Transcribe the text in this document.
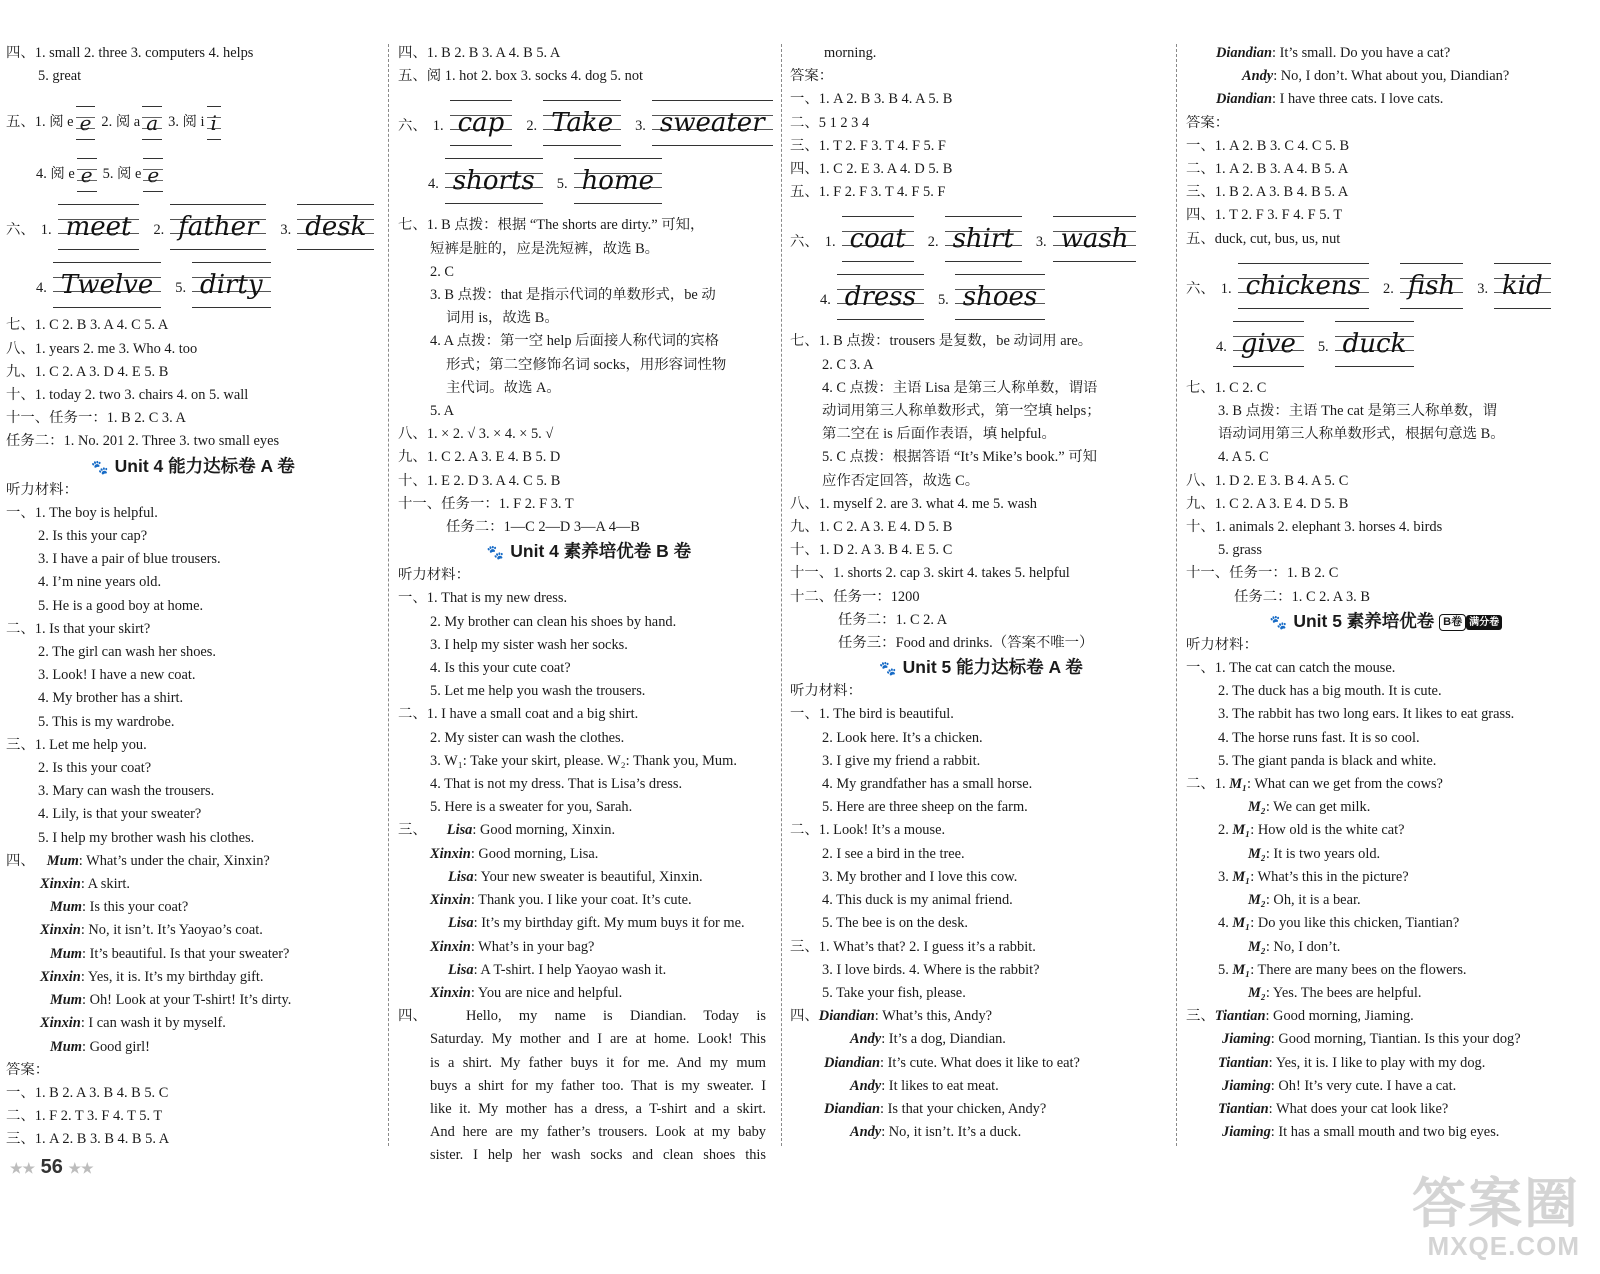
四、1. small 2. three 3. computers 4. helps
5. great
五、 1. 阅 e e 2. 阅 a a 3. 阅 i i
4. 阅 e e 5. 阅 e e
六、 1. meet	2. father	3. desk
4. Twelve	5. dirty
七、1. C 2. B 3. A 4. C 5. A
八、1. years 2. me 3. Who 4. too
九、1. C 2. A 3. D 4. E 5. B
十、1. today 2. two 3. chairs 4. on 5. wall
十一、任务一：1. B 2. C 3. A
任务二：1. No. 201 2. Three 3. two small eyes
🐾 Unit 4 能力达标卷 A 卷
听力材料：
一、1. The boy is helpful.
2. Is this your cap?
3. I have a pair of blue trousers.
4. I’m nine years old.
5. He is a good boy at home.
二、1. Is that your skirt?
2. The girl can wash her shoes.
3. Look! I have a new coat.
4. My brother has a shirt.
5. This is my wardrobe.
三、1. Let me help you.
2. Is this your coat?
3. Mary can wash the trousers.
4. Lily, is that your sweater?
5. I help my brother wash his clothes.
四、 Mum: What’s under the chair, Xinxin?
Xinxin: A skirt.
Mum: Is this your coat?
Xinxin: No, it isn’t. It’s Yaoyao’s coat.
Mum: It’s beautiful. Is that your sweater?
Xinxin: Yes, it is. It’s my birthday gift.
Mum: Oh! Look at your T-shirt! It’s dirty.
Xinxin: I can wash it by myself.
Mum: Good girl!
答案：
一、1. B 2. A 3. B 4. B 5. C
二、1. F 2. T 3. F 4. T 5. T
三、1. A 2. B 3. B 4. B 5. A
四、1. B 2. B 3. A 4. B 5. A
五、阅 1. hot 2. box 3. socks 4. dog 5. not
六、 1. cap	2. Take	3. sweater
4. shorts	5. home
七、1. B 点拨：根据 “The shorts are dirty.” 可知，
短裤是脏的，应是洗短裤，故选 B。
2. C
3. B 点拨：that 是指示代词的单数形式，be 动
词用 is，故选 B。
4. A 点拨：第一空 help 后面接人称代词的宾格
形式；第二空修饰名词 socks，用形容词性物
主代词。故选 A。
5. A
八、1. × 2. √ 3. × 4. × 5. √
九、1. C 2. A 3. E 4. B 5. D
十、1. E 2. D 3. A 4. C 5. B
十一、任务一：1. F 2. F 3. T
任务二：1—C 2—D 3—A 4—B
🐾 Unit 4 素养培优卷 B 卷
听力材料：
一、1. That is my new dress.
2. My brother can clean his shoes by hand.
3. I help my sister wash her socks.
4. Is this your cute coat?
5. Let me help you wash the trousers.
二、1. I have a small coat and a big shirt.
2. My sister can wash the clothes.
3. W₁: Take your skirt, please. W₂: Thank you, Mum.
4. That is not my dress. That is Lisa’s dress.
5. Here is a sweater for you, Sarah.
三、 Lisa: Good morning, Xinxin.
Xinxin: Good morning, Lisa.
Lisa: Your new sweater is beautiful, Xinxin.
Xinxin: Thank you. I like your coat. It’s cute.
Lisa: It’s my birthday gift. My mum buys it for me.
Xinxin: What’s in your bag?
Lisa: A T-shirt. I help Yaoyao wash it.
Xinxin: You are nice and helpful.
四、	Hello, my name is Diandian. Today is
Saturday. My mother and I are at home. Look! This
is a shirt. My father buys it for me. And my mum
buys a shirt for my father too. That is my sweater. I
like it. My mother has a dress, a T-shirt and a skirt.
And here are my father’s trousers. Look at my baby
sister. I help her wash socks and clean shoes this
morning.
答案：
一、1. A 2. B 3. B 4. A 5. B
二、5 1 2 3 4
三、1. T 2. F 3. T 4. F 5. F
四、1. C 2. E 3. A 4. D 5. B
五、1. F 2. F 3. T 4. F 5. F
六、 1. coat	2. shirt	3. wash
4. dress	5. shoes
七、1. B 点拨：trousers 是复数，be 动词用 are。
2. C 3. A
4. C 点拨：主语 Lisa 是第三人称单数，谓语
动词用第三人称单数形式，第一空填 helps；
第二空在 is 后面作表语，填 helpful。
5. C 点拨：根据答语 “It’s Mike’s book.” 可知
应作否定回答，故选 C。
八、1. myself 2. are 3. what 4. me 5. wash
九、1. C 2. A 3. E 4. D 5. B
十、1. D 2. A 3. B 4. E 5. C
十一、1. shorts 2. cap 3. skirt 4. takes 5. helpful
十二、任务一：1200
任务二：1. C 2. A
任务三：Food and drinks.（答案不唯一）
🐾 Unit 5 能力达标卷 A 卷
听力材料：
一、1. The bird is beautiful.
2. Look here. It’s a chicken.
3. I give my friend a rabbit.
4. My grandfather has a small horse.
5. Here are three sheep on the farm.
二、1. Look! It’s a mouse.
2. I see a bird in the tree.
3. My brother and I love this cow.
4. This duck is my animal friend.
5. The bee is on the desk.
三、1. What’s that? 2. I guess it’s a rabbit.
3. I love birds. 4. Where is the rabbit?
5. Take your fish, please.
四、Diandian: What’s this, Andy?
Andy: It’s a dog, Diandian.
Diandian: It’s cute. What does it like to eat?
Andy: It likes to eat meat.
Diandian: Is that your chicken, Andy?
Andy: No, it isn’t. It’s a duck.
Diandian: It’s small. Do you have a cat?
Andy: No, I don’t. What about you, Diandian?
Diandian: I have three cats. I love cats.
答案：
一、1. A 2. B 3. C 4. C 5. B
二、1. A 2. B 3. A 4. B 5. A
三、1. B 2. A 3. B 4. B 5. A
四、1. T 2. F 3. F 4. F 5. T
五、duck, cut, bus, us, nut
六、 1. chickens	2. fish	3. kid
4. give	5. duck
七、1. C 2. C
3. B 点拨：主语 The cat 是第三人称单数，谓
语动词用第三人称单数形式，根据句意选 B。
4. A 5. C
八、1. D 2. E 3. B 4. A 5. C
九、1. C 2. A 3. E 4. D 5. B
十、1. animals 2. elephant 3. horses 4. birds
5. grass
十一、任务一：1. B 2. C
任务二：1. C 2. A 3. B
🐾 Unit 5 素养培优卷 B卷 满分卷
听力材料：
一、1. The cat can catch the mouse.
2. The duck has a big mouth. It is cute.
3. The rabbit has two long ears. It likes to eat grass.
4. The horse runs fast. It is so cool.
5. The giant panda is black and white.
二、1. M₁: What can we get from the cows?
M₂: We can get milk.
2. M₁: How old is the white cat?
M₂: It is two years old.
3. M₁: What’s this in the picture?
M₂: Oh, it is a bear.
4. M₁: Do you like this chicken, Tiantian?
M₂: No, I don’t.
5. M₁: There are many bees on the flowers.
M₂: Yes. The bees are helpful.
三、Tiantian: Good morning, Jiaming.
Jiaming: Good morning, Tiantian. Is this your dog?
Tiantian: Yes, it is. I like to play with my dog.
Jiaming: Oh! It’s very cute. I have a cat.
Tiantian: What does your cat look like?
Jiaming: It has a small mouth and two big eyes.
★★ 56 ★★
答案圈
MXQE.COM
